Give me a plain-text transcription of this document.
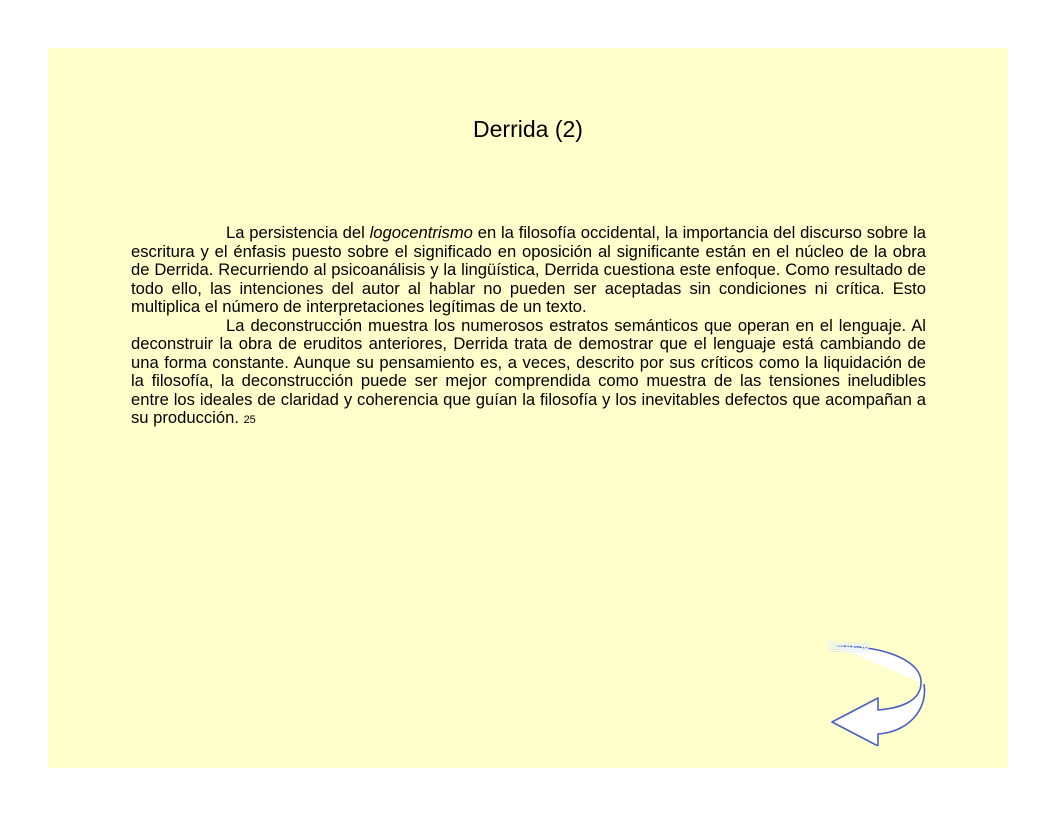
Derrida (2)

La persistencia del logocentrismo en la filosofía occidental, la importancia del discurso sobre la escritura y el énfasis puesto sobre el significado en oposición al significante están en el núcleo de la obra de Derrida. Recurriendo al psicoanálisis y la lingüística, Derrida cuestiona este enfoque. Como resultado de todo ello, las intenciones del autor al hablar no pueden ser aceptadas sin condiciones ni crítica. Esto multiplica el número de interpretaciones legítimas de un texto.

La deconstrucción muestra los numerosos estratos semánticos que operan en el lenguaje. Al deconstruir la obra de eruditos anteriores, Derrida trata de demostrar que el lenguaje está cambiando de una forma constante. Aunque su pensamiento es, a veces, descrito por sus críticos como la liquidación de la filosofía, la deconstrucción puede ser mejor comprendida como muestra de las tensiones ineludibles entre los ideales de claridad y coherencia que guían la filosofía y los inevitables defectos que acompañan a su producción. 25

Regreso
